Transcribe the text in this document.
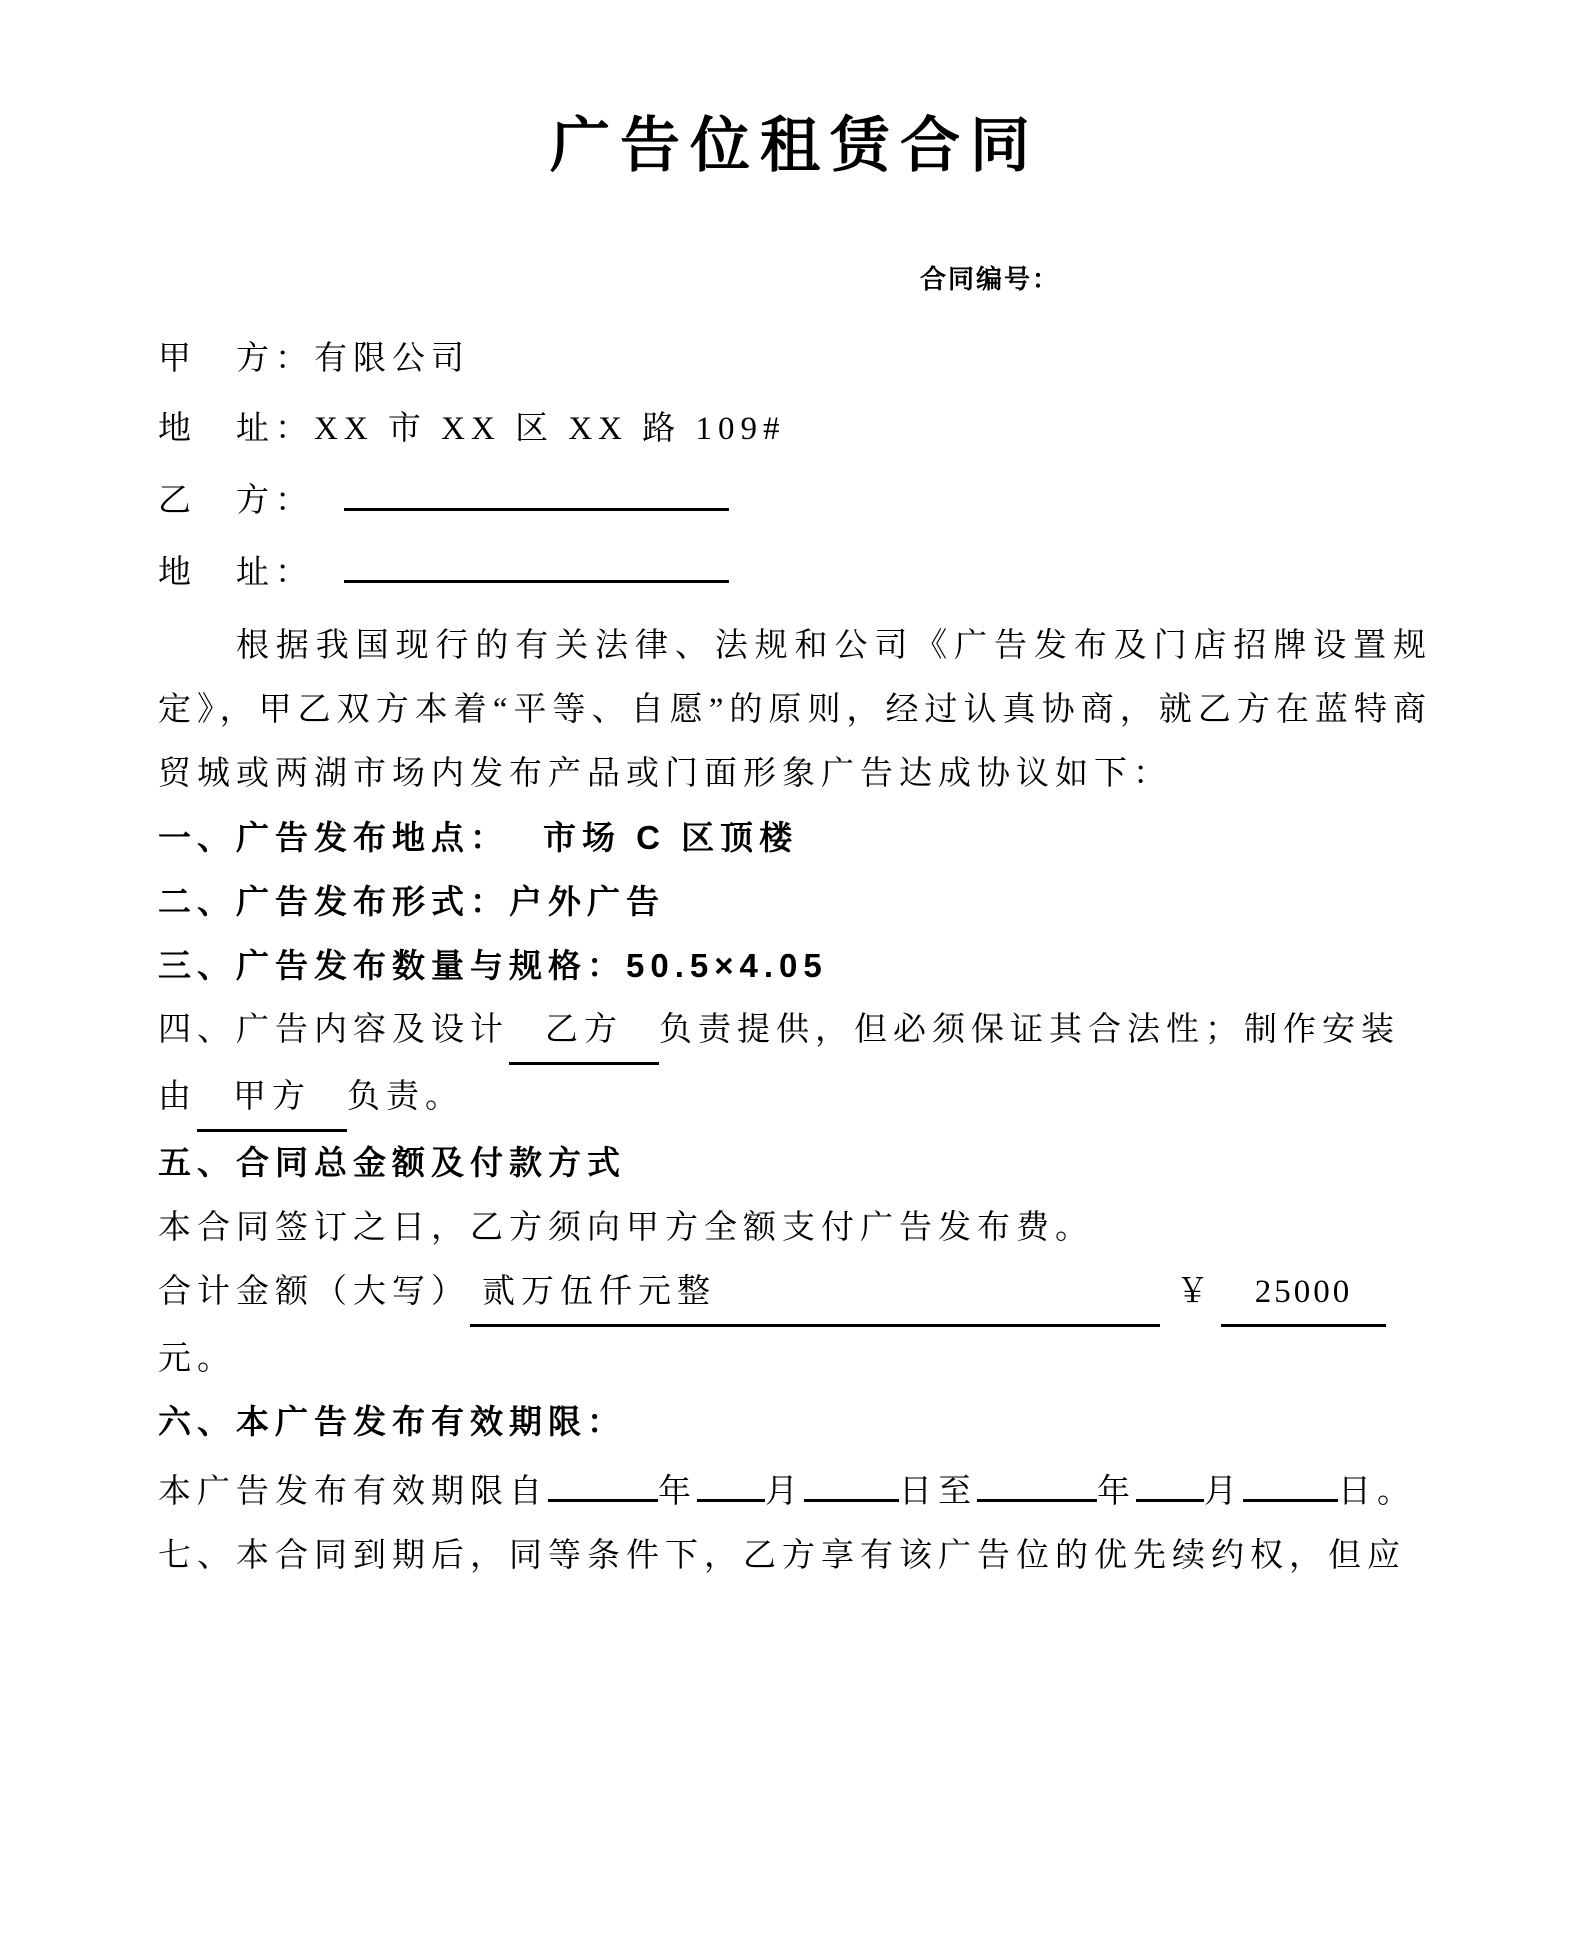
广告位租赁合同

合同编号：

甲　方：有限公司

地　址：XX 市 XX 区 XX 路 109#

乙　方：

地　址：

根据我国现行的有关法律、法规和公司《广告发布及门店招牌设置规定》，甲乙双方本着“平等、自愿”的原则，经过认真协商，就乙方在蓝特商贸城或两湖市场内发布产品或门面形象广告达成协议如下：

一、广告发布地点： 市场 C 区顶楼

二、广告发布形式：户外广告

三、广告发布数量与规格：50.5×4.05

四、广告内容及设计 乙方 负责提供，但必须保证其合法性；制作安装由 甲方 负责。

五、合同总金额及付款方式

本合同签订之日，乙方须向甲方全额支付广告发布费。

合计金额（大写） 贰万伍仟元整	￥ 25000元。

六、本广告发布有效期限：

本广告发布有效期限自	年 月	日至	年 月	日。

七、本合同到期后，同等条件下，乙方享有该广告位的优先续约权，但应
